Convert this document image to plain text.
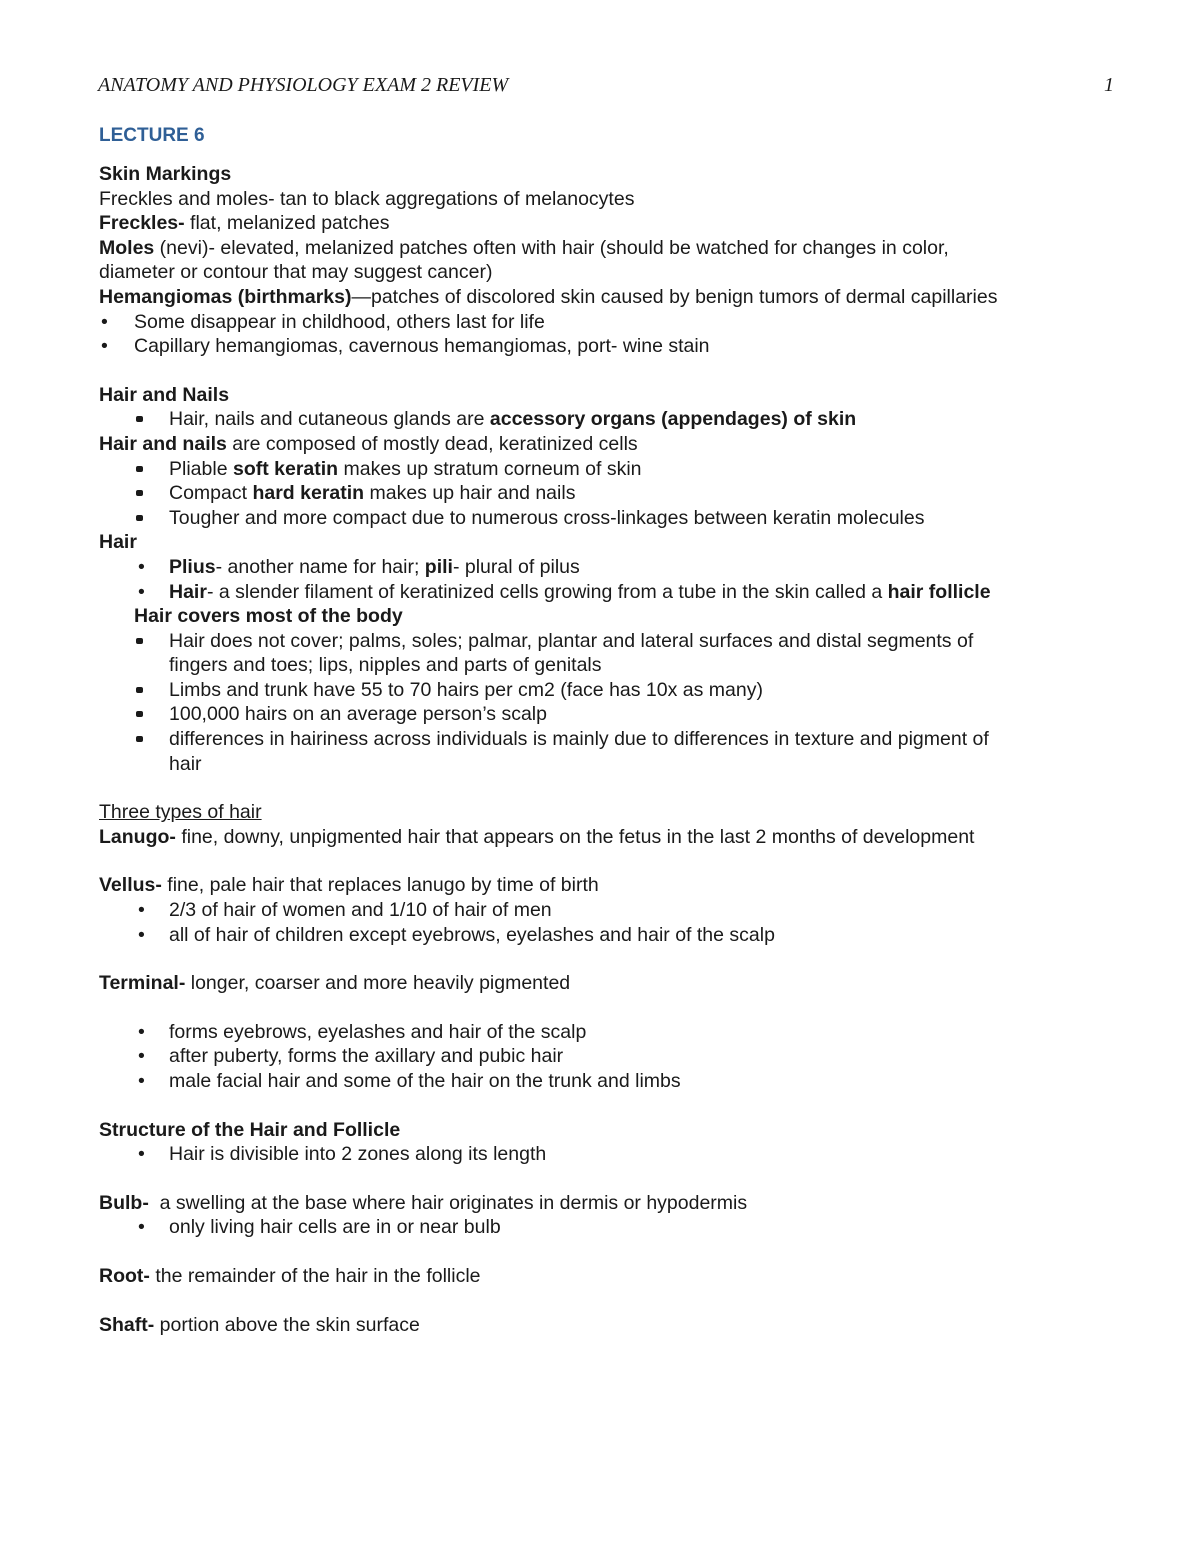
ANATOMY AND PHYSIOLOGY EXAM 2 REVIEW	1
LECTURE 6
Skin Markings
Freckles and moles- tan to black aggregations of melanocytes
Freckles- flat, melanized patches
Moles (nevi)- elevated, melanized patches often with hair (should be watched for changes in color,
diameter or contour that may suggest cancer)
Hemangiomas (birthmarks)—patches of discolored skin caused by benign tumors of dermal capillaries
• Some disappear in childhood, others last for life
• Capillary hemangiomas, cavernous hemangiomas, port- wine stain
Hair and Nails
Hair, nails and cutaneous glands are accessory organs (appendages) of skin
Hair and nails are composed of mostly dead, keratinized cells
Pliable soft keratin makes up stratum corneum of skin
Compact hard keratin makes up hair and nails
Tougher and more compact due to numerous cross-linkages between keratin molecules
Hair
• Plius- another name for hair; pili- plural of pilus
• Hair- a slender filament of keratinized cells growing from a tube in the skin called a hair follicle
Hair covers most of the body
Hair does not cover; palms, soles; palmar, plantar and lateral surfaces and distal segments of
fingers and toes; lips, nipples and parts of genitals
Limbs and trunk have 55 to 70 hairs per cm2 (face has 10x as many)
100,000 hairs on an average person’s scalp
differences in hairiness across individuals is mainly due to differences in texture and pigment of
hair
Three types of hair
Lanugo- fine, downy, unpigmented hair that appears on the fetus in the last 2 months of development
Vellus- fine, pale hair that replaces lanugo by time of birth
• 2/3 of hair of women and 1/10 of hair of men
• all of hair of children except eyebrows, eyelashes and hair of the scalp
Terminal- longer, coarser and more heavily pigmented
• forms eyebrows, eyelashes and hair of the scalp
• after puberty, forms the axillary and pubic hair
• male facial hair and some of the hair on the trunk and limbs
Structure of the Hair and Follicle
• Hair is divisible into 2 zones along its length
Bulb-  a swelling at the base where hair originates in dermis or hypodermis
• only living hair cells are in or near bulb
Root- the remainder of the hair in the follicle
Shaft- portion above the skin surface
